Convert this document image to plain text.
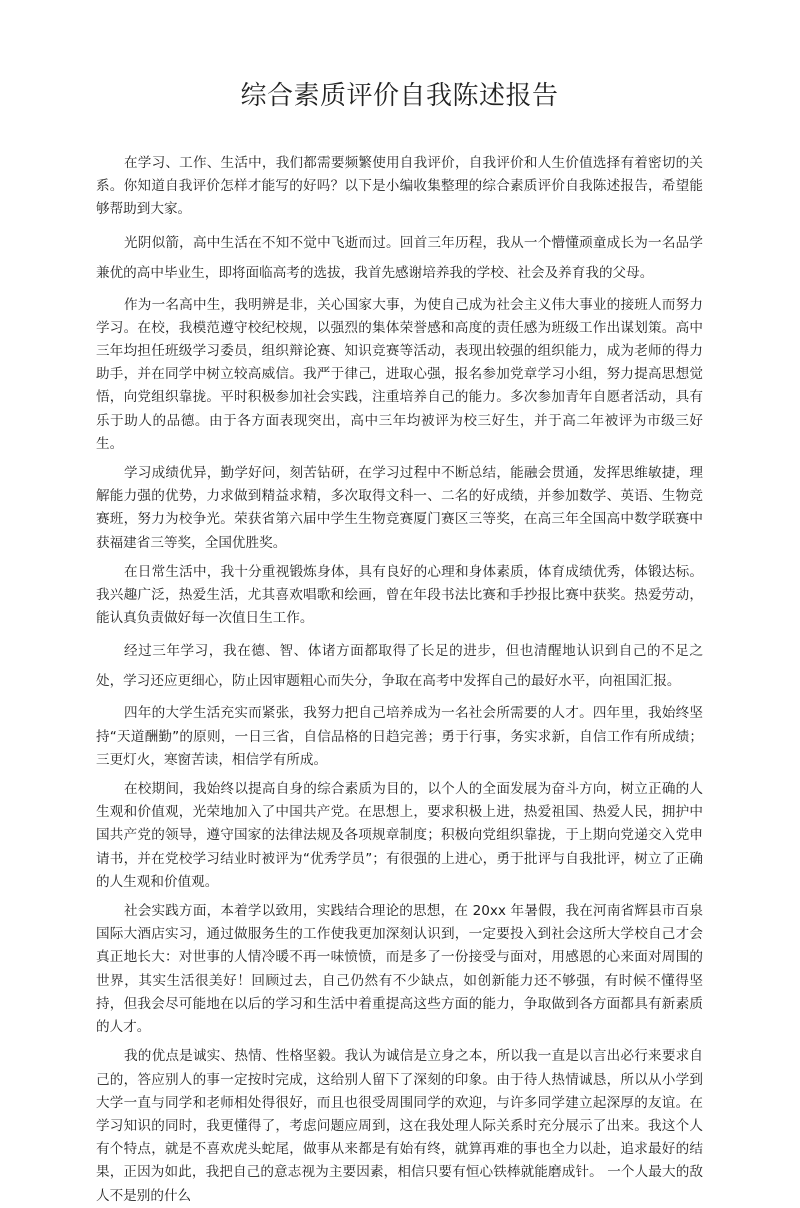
综合素质评价自我陈述报告

在学习、工作、生活中，我们都需要频繁使用自我评价，自我评价和人生价值选择有着密切的关系。你知道自我评价怎样才能写的好吗？以下是小编收集整理的综合素质评价自我陈述报告，希望能够帮助到大家。

光阴似箭，高中生活在不知不觉中飞逝而过。回首三年历程，我从一个懵懂顽童成长为一名品学兼优的高中毕业生，即将面临高考的选拔，我首先感谢培养我的学校、社会及养育我的父母。

作为一名高中生，我明辨是非，关心国家大事，为使自己成为社会主义伟大事业的接班人而努力学习。在校，我模范遵守校纪校规，以强烈的集体荣誉感和高度的责任感为班级工作出谋划策。高中三年均担任班级学习委员，组织辩论赛、知识竞赛等活动，表现出较强的组织能力，成为老师的得力助手，并在同学中树立较高威信。我严于律己，进取心强，报名参加党章学习小组，努力提高思想觉悟，向党组织靠拢。平时积极参加社会实践，注重培养自己的能力。多次参加青年自愿者活动，具有乐于助人的品德。由于各方面表现突出，高中三年均被评为校三好生，并于高二年被评为市级三好生。

学习成绩优异，勤学好问，刻苦钻研，在学习过程中不断总结，能融会贯通，发挥思维敏捷，理解能力强的优势，力求做到精益求精，多次取得文科一、二名的好成绩，并参加数学、英语、生物竞赛班，努力为校争光。荣获省第六届中学生生物竞赛厦门赛区三等奖，在高三年全国高中数学联赛中获福建省三等奖，全国优胜奖。

在日常生活中，我十分重视锻炼身体，具有良好的心理和身体素质，体育成绩优秀，体锻达标。我兴趣广泛，热爱生活，尤其喜欢唱歌和绘画，曾在年段书法比赛和手抄报比赛中获奖。热爱劳动，能认真负责做好每一次值日生工作。

经过三年学习，我在德、智、体诸方面都取得了长足的进步，但也清醒地认识到自己的不足之处，学习还应更细心，防止因审题粗心而失分，争取在高考中发挥自己的最好水平，向祖国汇报。

四年的大学生活充实而紧张，我努力把自己培养成为一名社会所需要的人才。四年里，我始终坚持“天道酬勤”的原则，一日三省，自信品格的日趋完善；勇于行事，务实求新，自信工作有所成绩；三更灯火，寒窗苦读，相信学有所成。

在校期间，我始终以提高自身的综合素质为目的，以个人的全面发展为奋斗方向，树立正确的人生观和价值观，光荣地加入了中国共产党。在思想上，要求积极上进，热爱祖国、热爱人民，拥护中国共产党的领导，遵守国家的法律法规及各项规章制度；积极向党组织靠拢，于上期向党递交入党申请书，并在党校学习结业时被评为“优秀学员”；有很强的上进心，勇于批评与自我批评，树立了正确的人生观和价值观。

社会实践方面，本着学以致用，实践结合理论的思想，在 20xx 年暑假，我在河南省辉县市百泉国际大酒店实习，通过做服务生的工作使我更加深刻认识到，一定要投入到社会这所大学校自己才会真正地长大：对世事的人情冷暖不再一味愤愤，而是多了一份接受与面对，用感恩的心来面对周围的世界，其实生活很美好！回顾过去，自己仍然有不少缺点，如创新能力还不够强，有时候不懂得坚持，但我会尽可能地在以后的学习和生活中着重提高这些方面的能力，争取做到各方面都具有新素质的人才。

我的优点是诚实、热情、性格坚毅。我认为诚信是立身之本，所以我一直是以言出必行来要求自己的，答应别人的事一定按时完成，这给别人留下了深刻的印象。由于待人热情诚恳，所以从小学到大学一直与同学和老师相处得很好，而且也很受周围同学的欢迎，与许多同学建立起深厚的友谊。在学习知识的同时，我更懂得了，考虑问题应周到，这在我处理人际关系时充分展示了出来。我这个人有个特点，就是不喜欢虎头蛇尾，做事从来都是有始有终，就算再难的事也全力以赴，追求最好的结果，正因为如此，我把自己的意志视为主要因素，相信只要有恒心铁棒就能磨成针。 一个人最大的敌人不是别的什么
